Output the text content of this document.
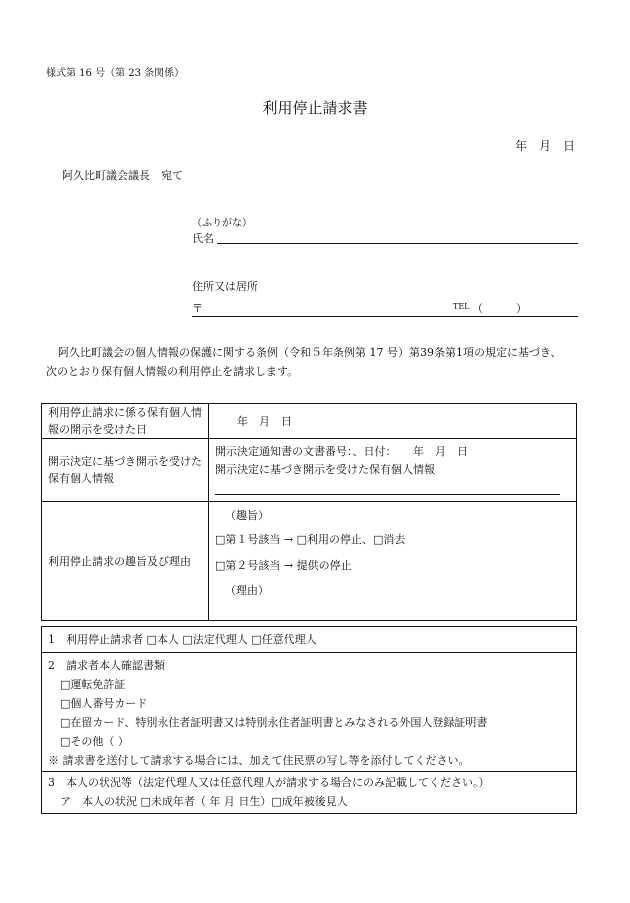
様式第 16 号（第 23 条関係）
利用停止請求書
年　月　日
阿久比町議会議長　宛て
（ふりがな）
氏名
住所又は居所
〒	TEL （　　　）

阿久比町議会の個人情報の保護に関する条例（令和５年条例第 17 号）第39条第1項の規定に基づき、

次のとおり保有個人情報の利用停止を請求します。

利用停止請求に係る保有個人情報の開示を受けた日	年　月　日
開示決定に基づき開示を受けた保有個人情報	開示決定通知書の文書番号：、日付：　　年　月　日
開示決定に基づき開示を受けた保有個人情報

利用停止請求の趣旨及び理由	（趣旨）
□第１号該当 → □利用の停止、□消去
□第２号該当 → 提供の停止
（理由）
1　利用停止請求者 □本人 □法定代理人 □任意代理人

2　請求者本人確認書類
□運転免許証
□個人番号カード
□在留カード、特別永住者証明書又は特別永住者証明書とみなされる外国人登録証明書
□その他（ ）
※ 請求書を送付して請求する場合には、加えて住民票の写し等を添付してください。

3　本人の状況等（法定代理人又は任意代理人が請求する場合にのみ記載してください。）
ア　本人の状況 □未成年者（ 年 月 日生）□成年被後見人
